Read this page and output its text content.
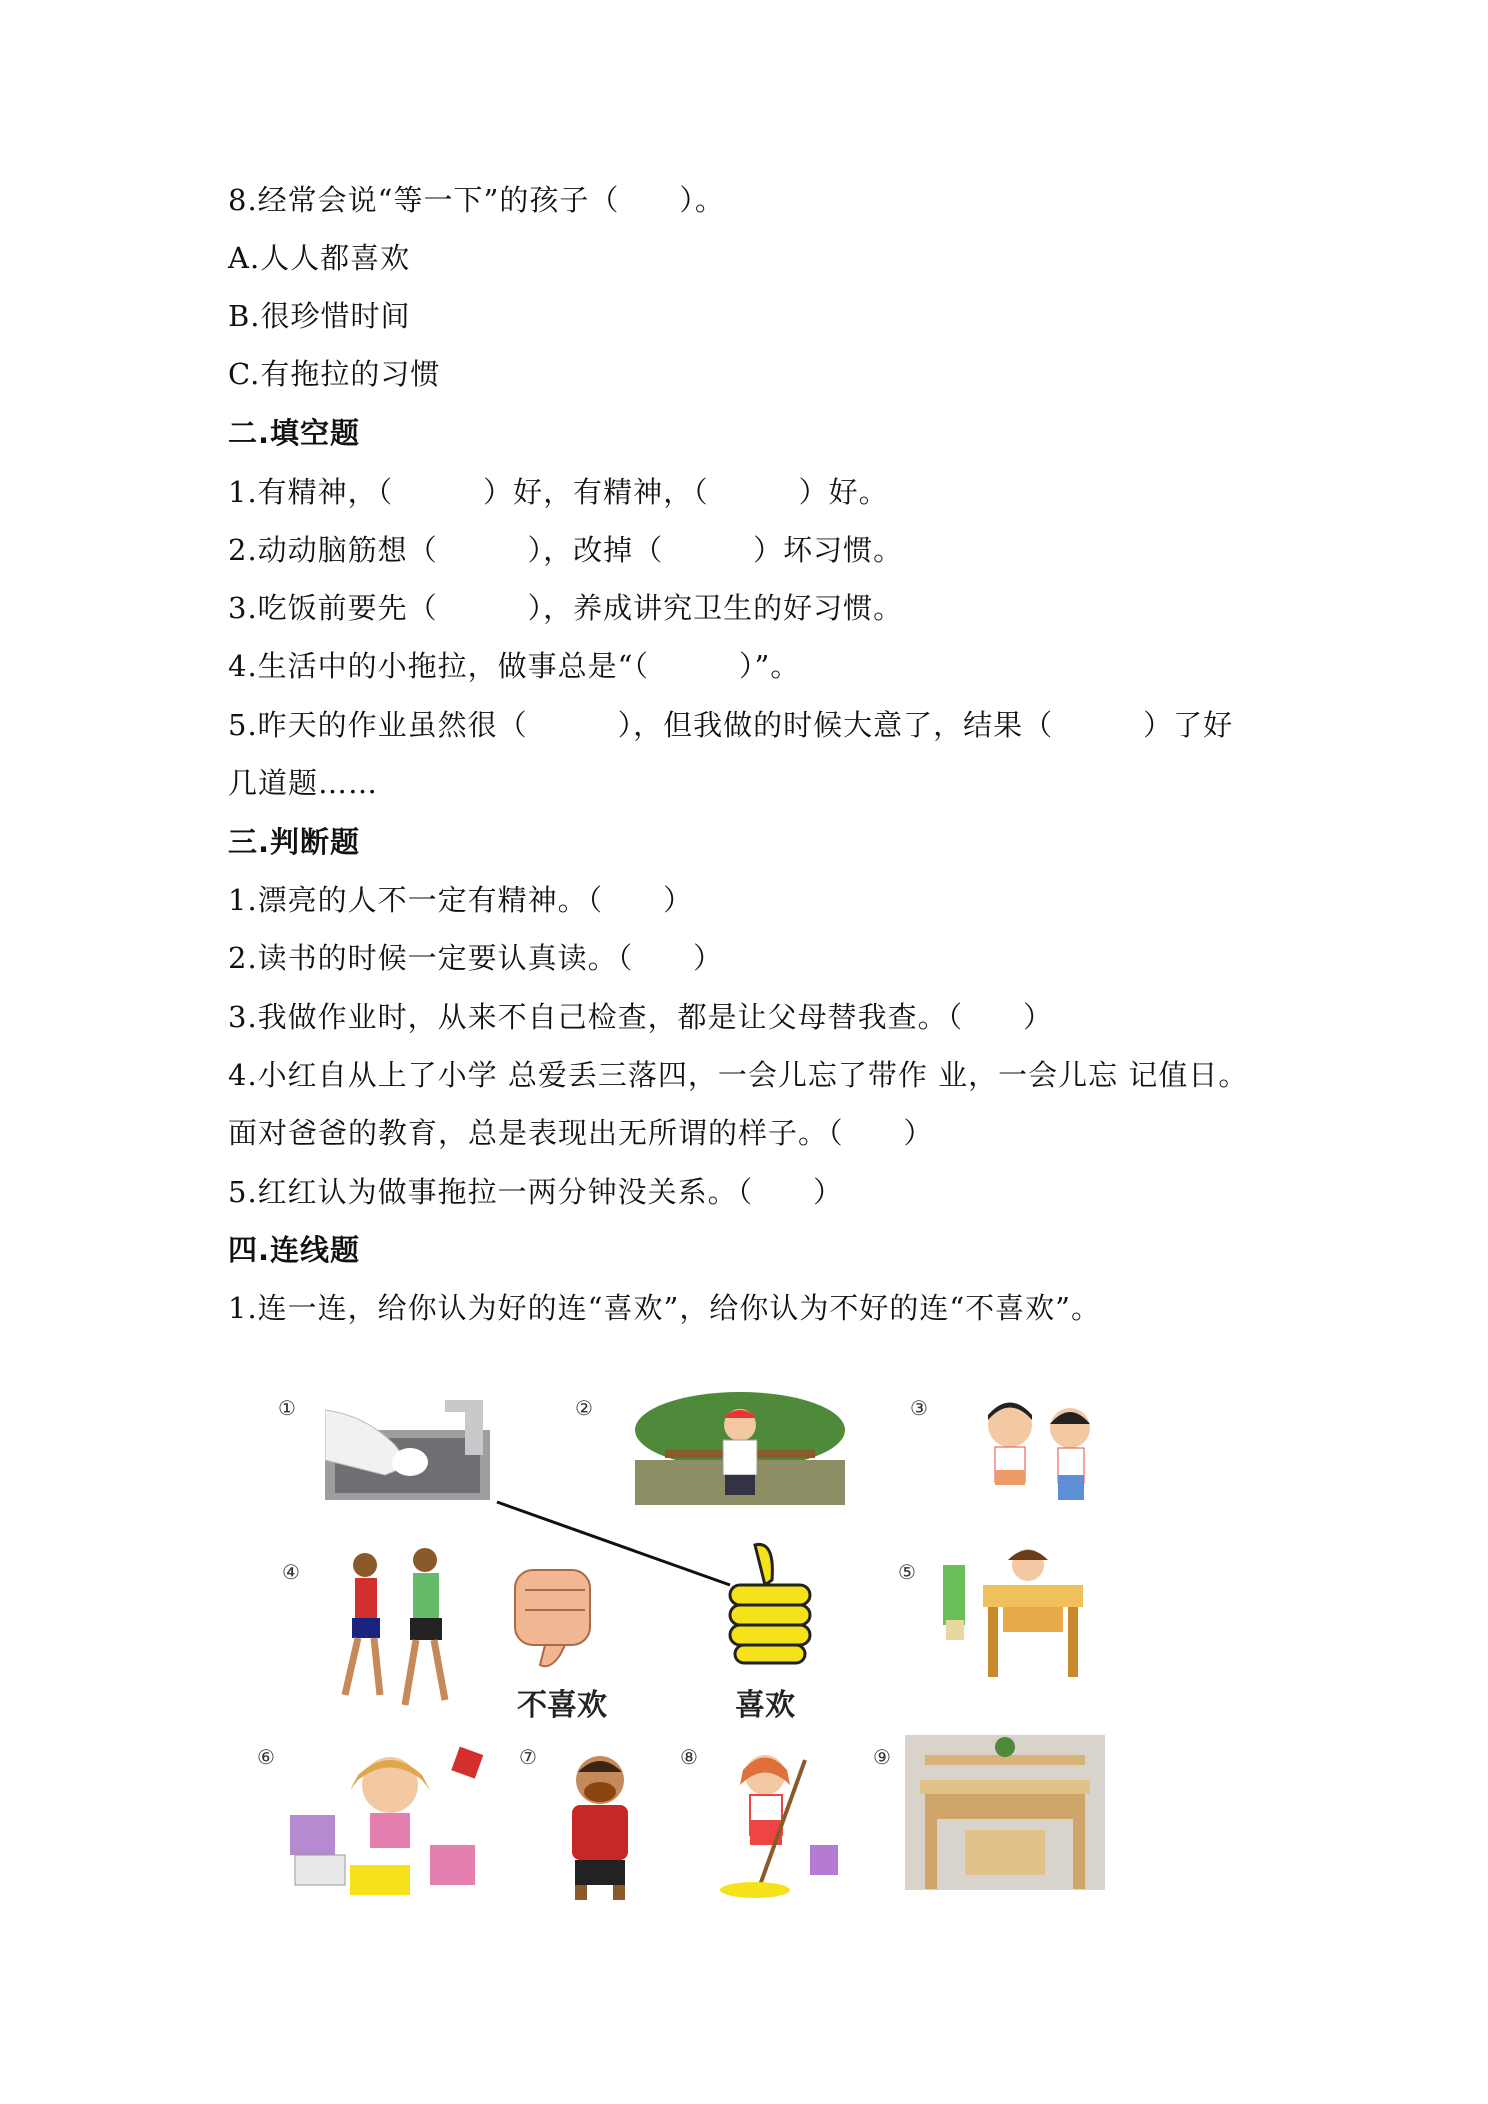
8.经常会说“等一下”的孩子（　　）。
A.人人都喜欢
B.很珍惜时间
C.有拖拉的习惯
二.填空题
1.有精神，（　　　）好，有精神，（　　　）好。
2.动动脑筋想（　　　），改掉（　　　）坏习惯。
3.吃饭前要先（　　　），养成讲究卫生的好习惯。
4.生活中的小拖拉，做事总是“（　　　）”。
5.昨天的作业虽然很（　　　），但我做的时候大意了，结果（　　　）了好
几道题……
三.判断题
1.漂亮的人不一定有精神。（　　）
2.读书的时候一定要认真读。（　　）
3.我做作业时，从来不自己检查，都是让父母替我查。（　　）
4.小红自从上了小学 总爱丢三落四，一会儿忘了带作 业，一会儿忘 记值日。
面对爸爸的教育，总是表现出无所谓的样子。（　　）
5.红红认为做事拖拉一两分钟没关系。（　　）
四.连线题
1.连一连，给你认为好的连“喜欢”，给你认为不好的连“不喜欢”。
①	②	③
④	⑤
⑥	⑦	⑧	⑨
不喜欢	喜欢
